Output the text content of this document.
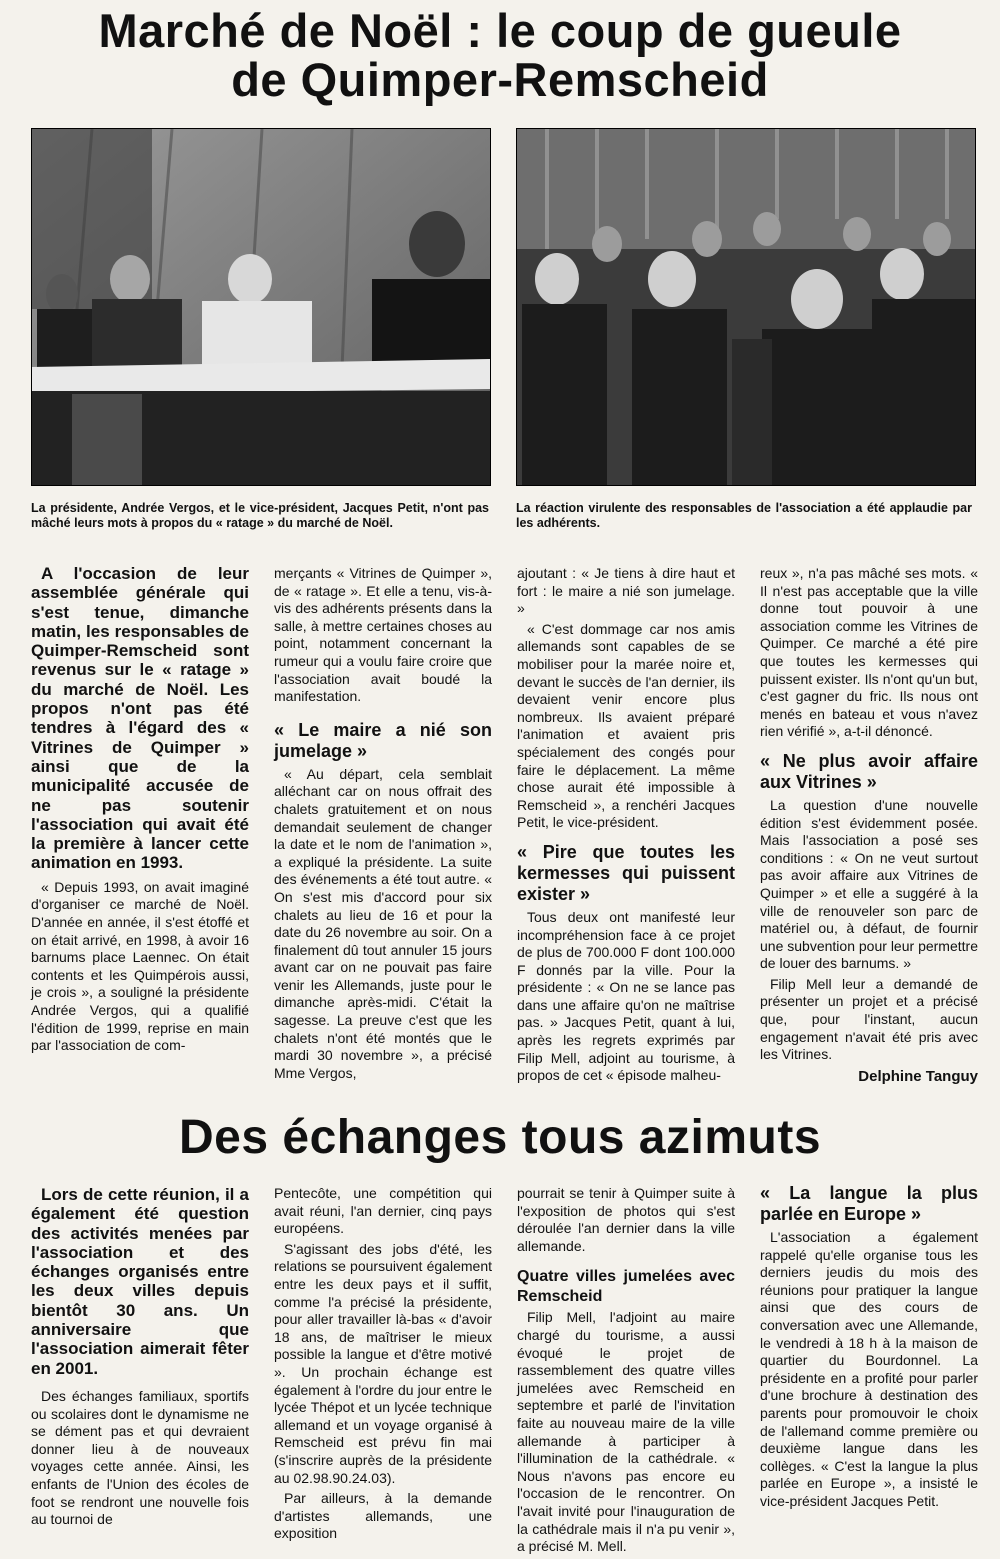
Marché de Noël : le coup de gueule
de Quimper-Remscheid
La présidente, Andrée Vergos, et le vice-président, Jacques Petit, n'ont pas mâché leurs mots à propos du « ratage » du marché de Noël.
La réaction virulente des responsables de l'association a été applaudie par les adhérents.

A l'occasion de leur assemblée générale qui s'est tenue, dimanche matin, les responsables de Quimper-Remscheid sont revenus sur le « ratage » du marché de Noël. Les propos n'ont pas été tendres à l'égard des « Vitrines de Quimper » ainsi que de la municipalité accusée de ne pas soutenir l'association qui avait été la première à lancer cette animation en 1993.

« Depuis 1993, on avait imaginé d'organiser ce marché de Noël. D'année en année, il s'est étoffé et on était arrivé, en 1998, à avoir 16 barnums place Laennec. On était contents et les Quimpérois aussi, je crois », a souligné la présidente Andrée Vergos, qui a qualifié l'édition de 1999, reprise en main par l'association de com-

merçants « Vitrines de Quimper », de « ratage ». Et elle a tenu, vis-à-vis des adhérents présents dans la salle, à mettre certaines choses au point, notamment concernant la rumeur qui a voulu faire croire que l'association avait boudé la manifestation.

« Le maire a nié son jumelage »

« Au départ, cela semblait alléchant car on nous offrait des chalets gratuitement et on nous demandait seulement de changer la date et le nom de l'animation », a expliqué la présidente. La suite des événements a été tout autre. « On s'est mis d'accord pour six chalets au lieu de 16 et pour la date du 26 novembre au soir. On a finalement dû tout annuler 15 jours avant car on ne pouvait pas faire venir les Allemands, juste pour le dimanche après-midi. C'était la sagesse. La preuve c'est que les chalets n'ont été montés que le mardi 30 novembre », a précisé Mme Vergos,

ajoutant : « Je tiens à dire haut et fort : le maire a nié son jumelage. »

« C'est dommage car nos amis allemands sont capables de se mobiliser pour la marée noire et, devant le succès de l'an dernier, ils devaient venir encore plus nombreux. Ils avaient préparé l'animation et avaient pris spécialement des congés pour faire le déplacement. La même chose aurait été impossible à Remscheid », a renchéri Jacques Petit, le vice-président.

« Pire que toutes les kermesses qui puissent exister »

Tous deux ont manifesté leur incompréhension face à ce projet de plus de 700.000 F dont 100.000 F donnés par la ville. Pour la présidente : « On ne se lance pas dans une affaire qu'on ne maîtrise pas. » Jacques Petit, quant à lui, après les regrets exprimés par Filip Mell, adjoint au tourisme, à propos de cet « épisode malheu-

reux », n'a pas mâché ses mots. « Il n'est pas acceptable que la ville donne tout pouvoir à une association comme les Vitrines de Quimper. Ce marché a été pire que toutes les kermesses qui puissent exister. Ils n'ont qu'un but, c'est gagner du fric. Ils nous ont menés en bateau et vous n'avez rien vérifié », a-t-il dénoncé.

« Ne plus avoir affaire aux Vitrines »

La question d'une nouvelle édition s'est évidemment posée. Mais l'association a posé ses conditions : « On ne veut surtout pas avoir affaire aux Vitrines de Quimper » et elle a suggéré à la ville de renouveler son parc de matériel ou, à défaut, de fournir une subvention pour leur permettre de louer des barnums. »

Filip Mell leur a demandé de présenter un projet et a précisé que, pour l'instant, aucun engagement n'avait été pris avec les Vitrines.

Delphine Tanguy
Des échanges tous azimuts

Lors de cette réunion, il a également été question des activités menées par l'association et des échanges organisés entre les deux villes depuis bientôt 30 ans. Un anniversaire que l'association aimerait fêter en 2001.

Des échanges familiaux, sportifs ou scolaires dont le dynamisme ne se dément pas et qui devraient donner lieu à de nouveaux voyages cette année. Ainsi, les enfants de l'Union des écoles de foot se rendront une nouvelle fois au tournoi de

Pentecôte, une compétition qui avait réuni, l'an dernier, cinq pays européens.

S'agissant des jobs d'été, les relations se poursuivent également entre les deux pays et il suffit, comme l'a précisé la présidente, pour aller travailler là-bas « d'avoir 18 ans, de maîtriser le mieux possible la langue et d'être motivé ». Un prochain échange est également à l'ordre du jour entre le lycée Thépot et un lycée technique allemand et un voyage organisé à Remscheid est prévu fin mai (s'inscrire auprès de la présidente au 02.98.90.24.03).

Par ailleurs, à la demande d'artistes allemands, une exposition

pourrait se tenir à Quimper suite à l'exposition de photos qui s'est déroulée l'an dernier dans la ville allemande.

Quatre villes jumelées avec Remscheid

Filip Mell, l'adjoint au maire chargé du tourisme, a aussi évoqué le projet de rassemblement des quatre villes jumelées avec Remscheid en septembre et parlé de l'invitation faite au nouveau maire de la ville allemande à participer à l'illumination de la cathédrale. « Nous n'avons pas encore eu l'occasion de le rencontrer. On l'avait invité pour l'inauguration de la cathédrale mais il n'a pu venir », a précisé M. Mell.

« La langue la plus parlée en Europe »

L'association a également rappelé qu'elle organise tous les derniers jeudis du mois des réunions pour pratiquer la langue ainsi que des cours de conversation avec une Allemande, le vendredi à 18 h à la maison de quartier du Bourdonnel. La présidente en a profité pour parler d'une brochure à destination des parents pour promouvoir le choix de l'allemand comme première ou deuxième langue dans les collèges. « C'est la langue la plus parlée en Europe », a insisté le vice-président Jacques Petit.
